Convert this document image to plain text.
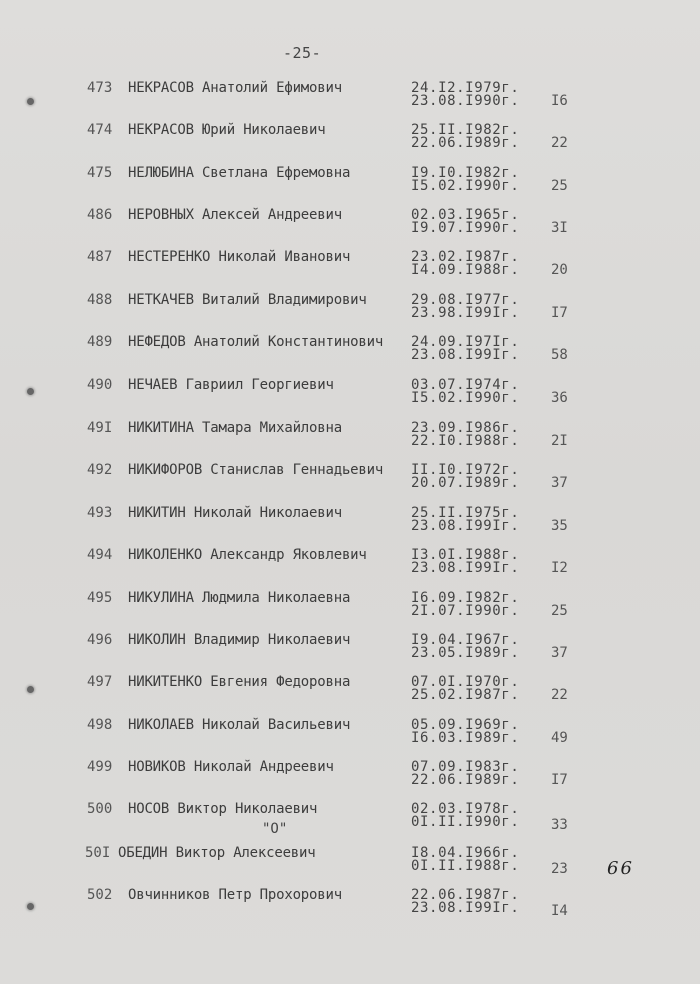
-25-
473 НЕКРАСОВ Анатолий Ефимович	24.I2.I979г.
23.08.I990г. I6
474 НЕКРАСОВ Юрий Николаевич	25.II.I982г.
22.06.I989г. 22
475 НЕЛЮБИНА Светлана Ефремовна	I9.I0.I982г.
I5.02.I990г. 25
486 НЕРОВНЫХ Алексей Андреевич	02.03.I965г.
I9.07.I990г. 3I
487 НЕСТЕРЕНКО Николай Иванович	23.02.I987г.
I4.09.I988г. 20
488 НЕТКАЧЕВ Виталий Владимирович	29.08.I977г.
23.98.I99Iг. I7
489 НЕФЕДОВ Анатолий Константинович 24.09.I97Iг.
23.08.I99Iг. 58
490 НЕЧАЕВ Гавриил Георгиевич	03.07.I974г.
I5.02.I990г. 36
49I НИКИТИНА Тамара Михайловна	23.09.I986г.
22.I0.I988г. 2I
492 НИКИФОРОВ Станислав Геннадьевич II.I0.I972г.
20.07.I989г. 37
493 НИКИТИН Николай Николаевич	25.II.I975г.
23.08.I99Iг. 35
494 НИКОЛЕНКО Александр Яковлевич	I3.0I.I988г.
23.08.I99Iг. I2
495 НИКУЛИНА Людмила Николаевна	I6.09.I982г.
2I.07.I990г. 25
496 НИКОЛИН Владимир Николаевич	I9.04.I967г.
23.05.I989г. 37
497 НИКИТЕНКО Евгения Федоровна	07.0I.I970г.
25.02.I987г. 22
498 НИКОЛАЕВ Николай Васильевич	05.09.I969г.
I6.03.I989г. 49
499 НОВИКОВ Николай Андреевич	07.09.I983г.
22.06.I989г. I7
500 НОСОВ Виктор Николаевич
"О"
02.03.I978г.
0I.II.I990г. 33
50I ОБЕДИН Виктор Алексеевич	I8.04.I966г.
0I.II.I988г. 23
502 Овчинников Петр Прохорович	22.06.I987г.
23.08.I99Iг. I4
66
